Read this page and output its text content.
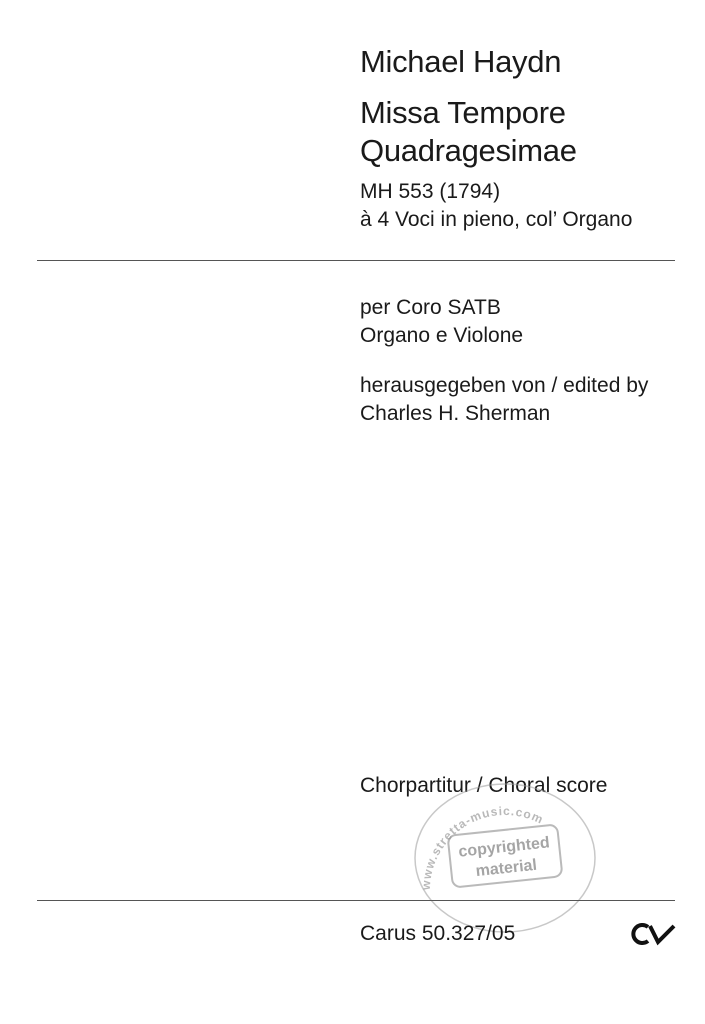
Michael Haydn
Missa Tempore
Quadragesimae
MH 553 (1794)
à 4 Voci in pieno, col’ Organo
per Coro SATB
Organo e Violone
herausgegeben von / edited by
Charles H. Sherman
Chorpartitur / Choral score
www.stretta-music.com
copyrighted
material
Carus 50.327/05
